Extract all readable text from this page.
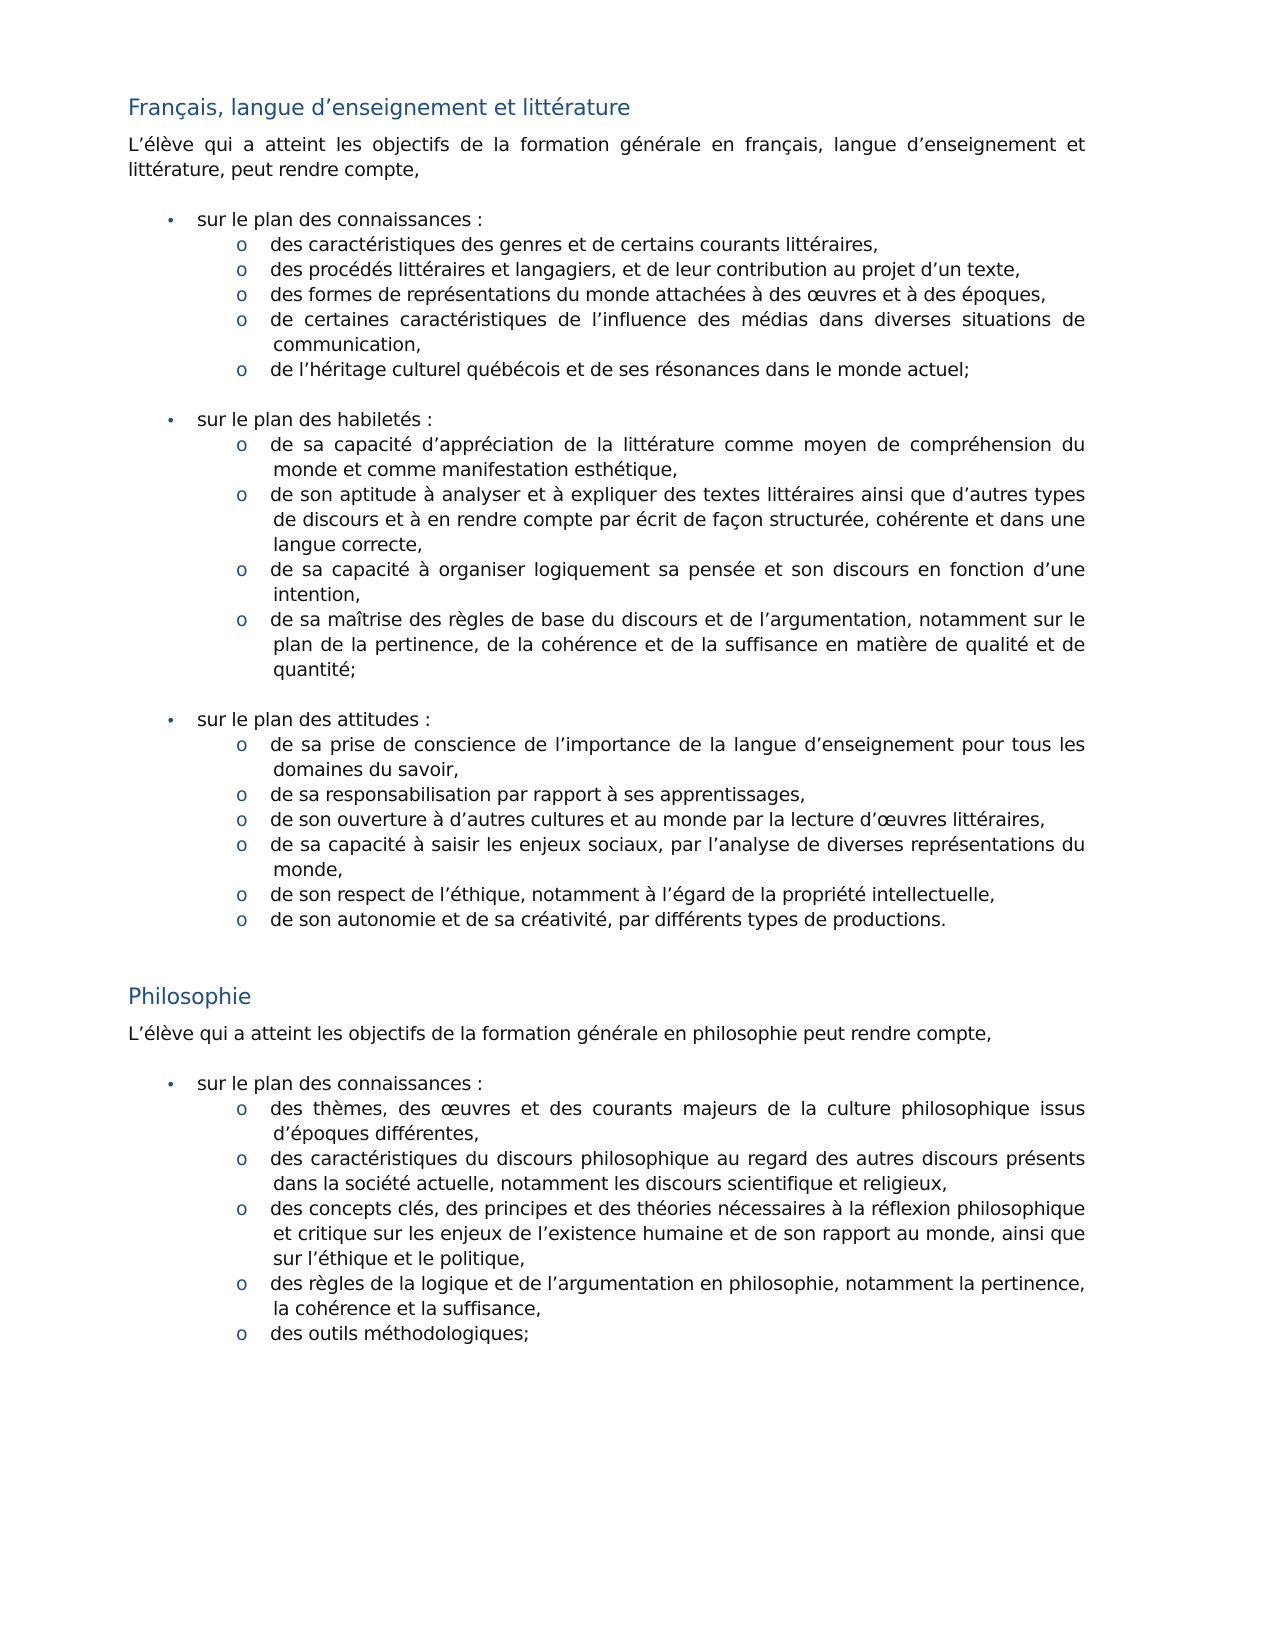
Français, langue d’enseignement et littérature

L’élève qui a atteint les objectifs de la formation générale en français, langue d’enseignement et littérature, peut rendre compte,

• sur le plan des connaissances :
o des caractéristiques des genres et de certains courants littéraires,
o des procédés littéraires et langagiers, et de leur contribution au projet d’un texte,
o des formes de représentations du monde attachées à des œuvres et à des époques,
o de certaines caractéristiques de l’influence des médias dans diverses situations de communication,
o de l’héritage culturel québécois et de ses résonances dans le monde actuel;
• sur le plan des habiletés :
o de sa capacité d’appréciation de la littérature comme moyen de compréhension du monde et comme manifestation esthétique,
o de son aptitude à analyser et à expliquer des textes littéraires ainsi que d’autres types de discours et à en rendre compte par écrit de façon structurée, cohérente et dans une langue correcte,
o de sa capacité à organiser logiquement sa pensée et son discours en fonction d’une intention,
o de sa maîtrise des règles de base du discours et de l’argumentation, notamment sur le plan de la pertinence, de la cohérence et de la suffisance en matière de qualité et de quantité;
• sur le plan des attitudes :
o de sa prise de conscience de l’importance de la langue d’enseignement pour tous les domaines du savoir,
o de sa responsabilisation par rapport à ses apprentissages,
o de son ouverture à d’autres cultures et au monde par la lecture d’œuvres littéraires,
o de sa capacité à saisir les enjeux sociaux, par l’analyse de diverses représentations du monde,
o de son respect de l’éthique, notamment à l’égard de la propriété intellectuelle,
o de son autonomie et de sa créativité, par différents types de productions.
Philosophie

L’élève qui a atteint les objectifs de la formation générale en philosophie peut rendre compte,

• sur le plan des connaissances :
o des thèmes, des œuvres et des courants majeurs de la culture philosophique issus d’époques différentes,
o des caractéristiques du discours philosophique au regard des autres discours présents dans la société actuelle, notamment les discours scientifique et religieux,
o des concepts clés, des principes et des théories nécessaires à la réflexion philosophique et critique sur les enjeux de l’existence humaine et de son rapport au monde, ainsi que sur l’éthique et le politique,
o des règles de la logique et de l’argumentation en philosophie, notamment la pertinence, la cohérence et la suffisance,
o des outils méthodologiques;
